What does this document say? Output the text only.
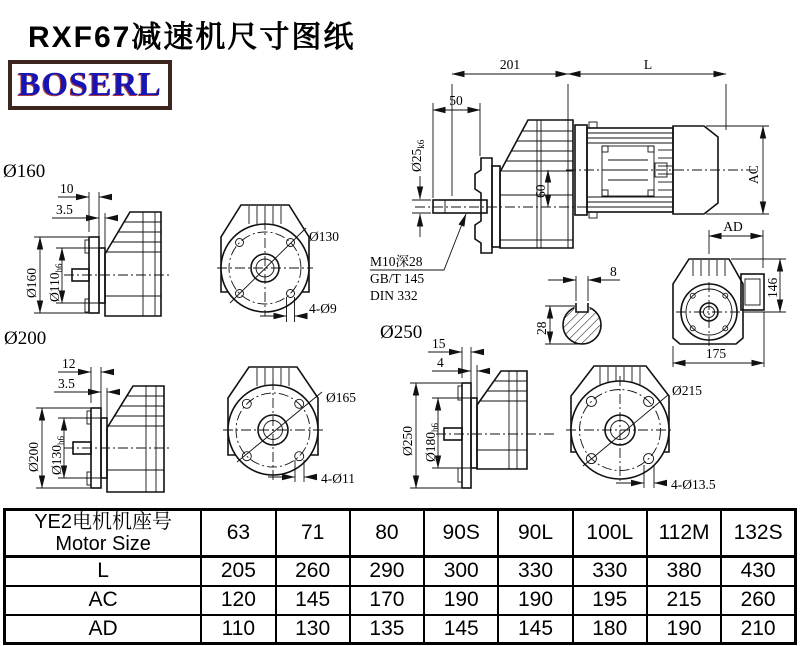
RXF67减速机尺寸图纸
BOSERL
201	L
50
$Ø25_{k6}$
60
AC
M10深28
GB/T 145
DIN 332
8
28
Ø160
10
3.5
Ø160 $Ø110_{h6}$
Ø130
4-Ø9
Ø200
12
3.5
Ø200 $Ø130_{h6}$
Ø165
4-Ø11
Ø250
15
4
Ø250 $Ø180_{h6}$
Ø215
4-Ø13.5
AD
146
175
YE2电机机座号
Motor Size	63	71	80	90S	90L	100L	112M	132S
L	205	260	290	300	330	330	380	430
AC	120	145	170	190	190	195	215	260
AD	110	130	135	145	145	180	190	210
